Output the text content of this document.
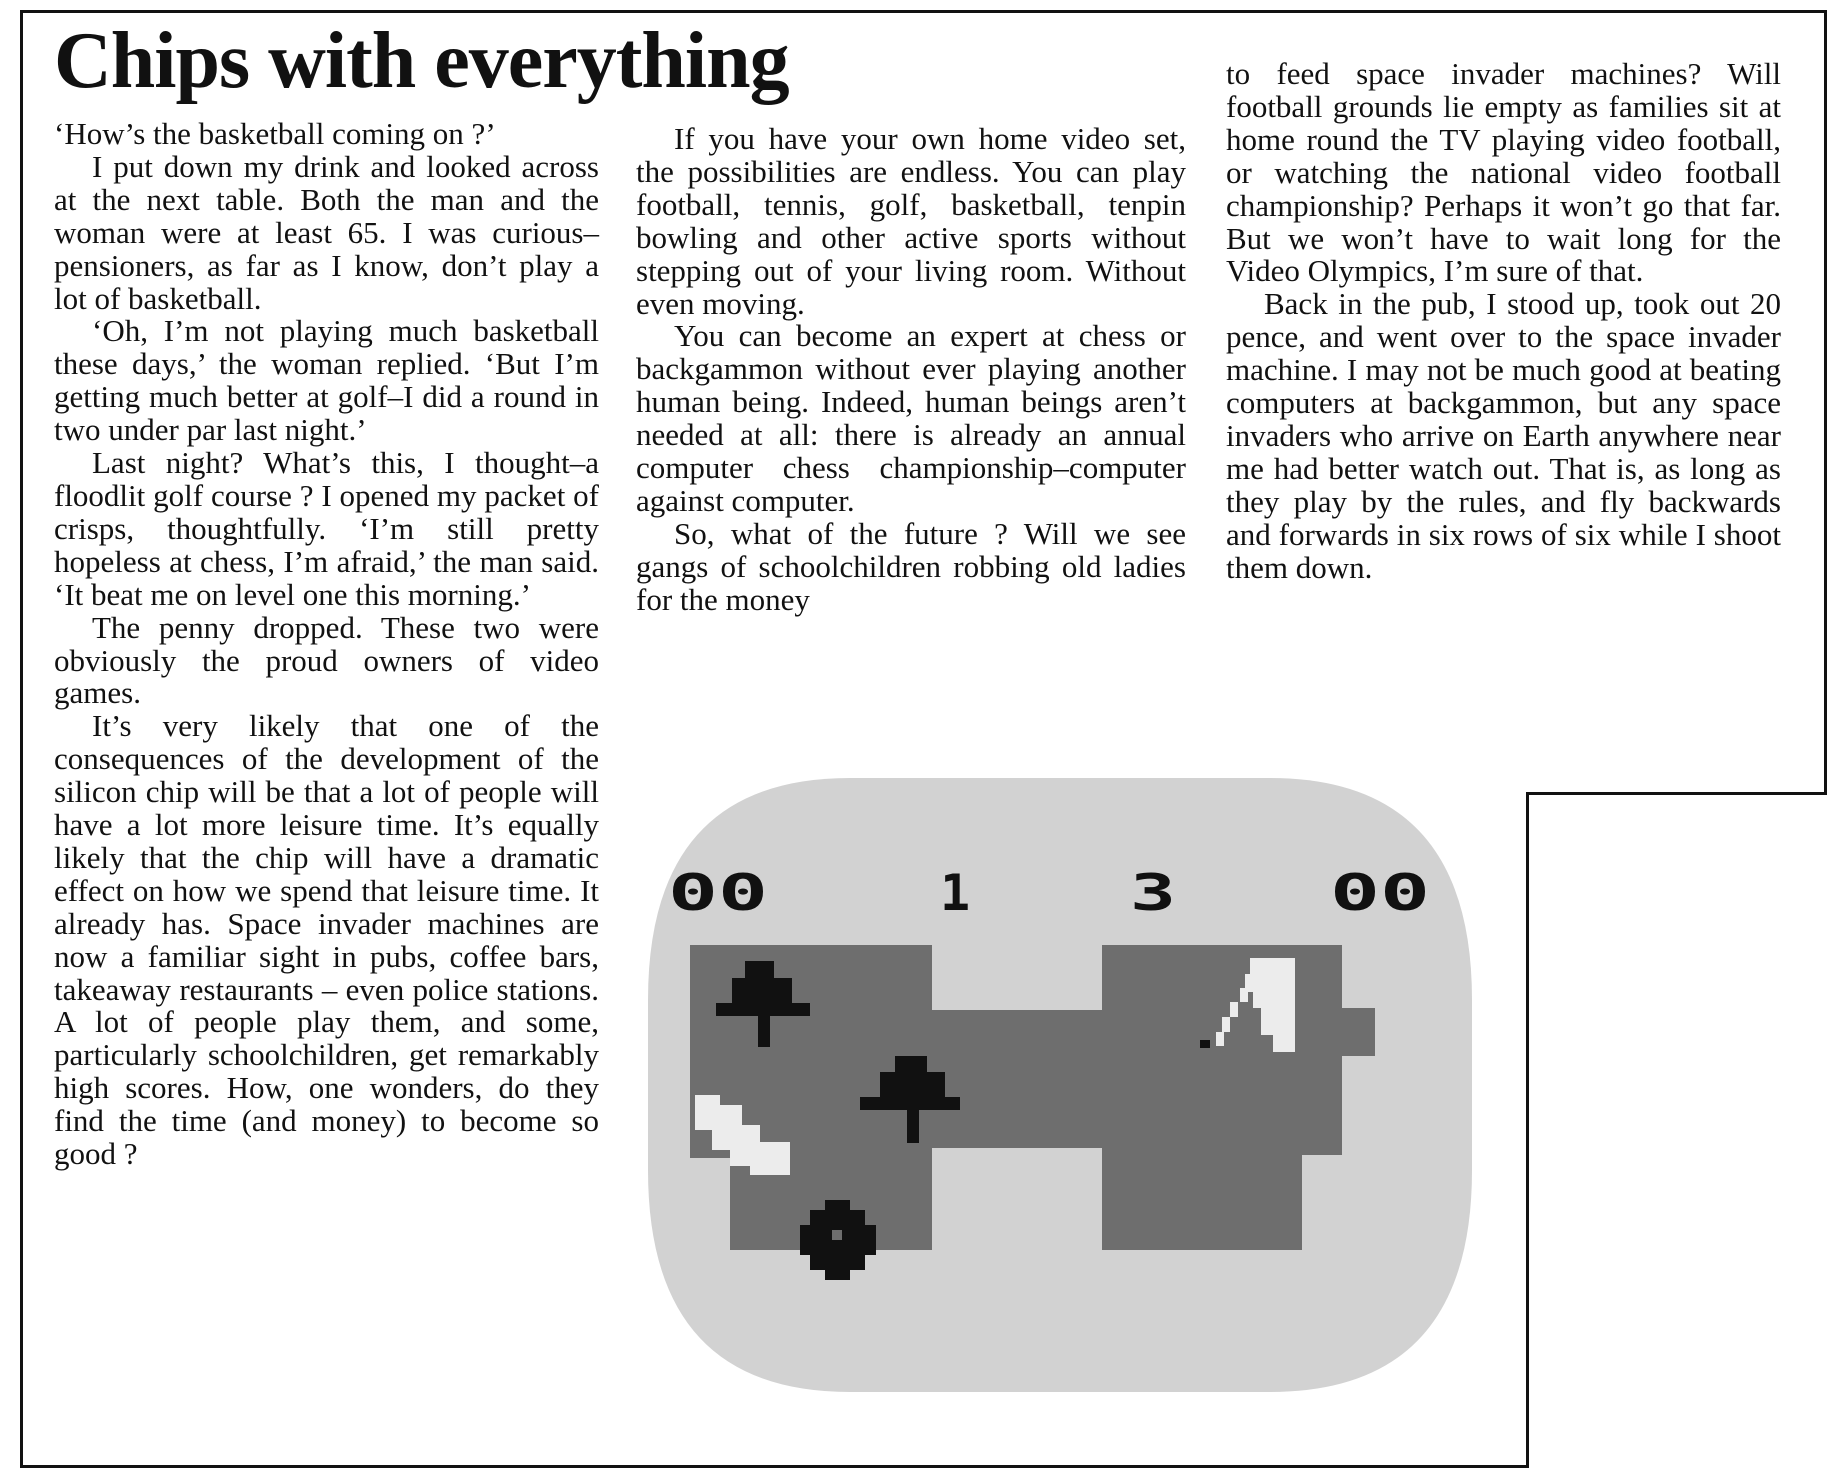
Chips with everything

‘How’s the basketball coming on ?’

I put down my drink and looked across at the next table. Both the man and the woman were at least 65. I was curious–pensioners, as far as I know, don’t play a lot of basketball.

‘Oh, I’m not playing much basketball these days,’ the woman replied. ‘But I’m getting much better at golf–I did a round in two under par last night.’

Last night? What’s this, I thought–a floodlit golf course ? I opened my packet of crisps, thoughtfully. ‘I’m still pretty hopeless at chess, I’m afraid,’ the man said. ‘It beat me on level one this morning.’

The penny dropped. These two were obviously the proud owners of video games.

It’s very likely that one of the consequences of the development of the silicon chip will be that a lot of people will have a lot more leisure time. It’s equally likely that the chip will have a dramatic effect on how we spend that leisure time. It already has. Space invader machines are now a familiar sight in pubs, coffee bars, takeaway restaurants – even police stations. A lot of people play them, and some, particularly schoolchildren, get remarkably high scores. How, one wonders, do they find the time (and money) to become so good ?

If you have your own home video set, the possibilities are endless. You can play football, tennis, golf, basketball, tenpin bowling and other active sports without stepping out of your living room. Without even moving.

You can become an expert at chess or backgammon without ever playing another human being. Indeed, human beings aren’t needed at all: there is already an annual computer chess championship–computer against computer.

So, what of the future ? Will we see gangs of schoolchildren robbing old ladies for the money

to feed space invader machines? Will football grounds lie empty as families sit at home round the TV playing video football, or watching the national video football championship? Perhaps it won’t go that far. But we won’t have to wait long for the Video Olympics, I’m sure of that.

Back in the pub, I stood up, took out 20 pence, and went over to the space invader machine. I may not be much good at beating computers at backgammon, but any space invaders who arrive on Earth anywhere near me had better watch out. That is, as long as they play by the rules, and fly backwards and forwards in six rows of six while I shoot them down.

00	1	3	00
